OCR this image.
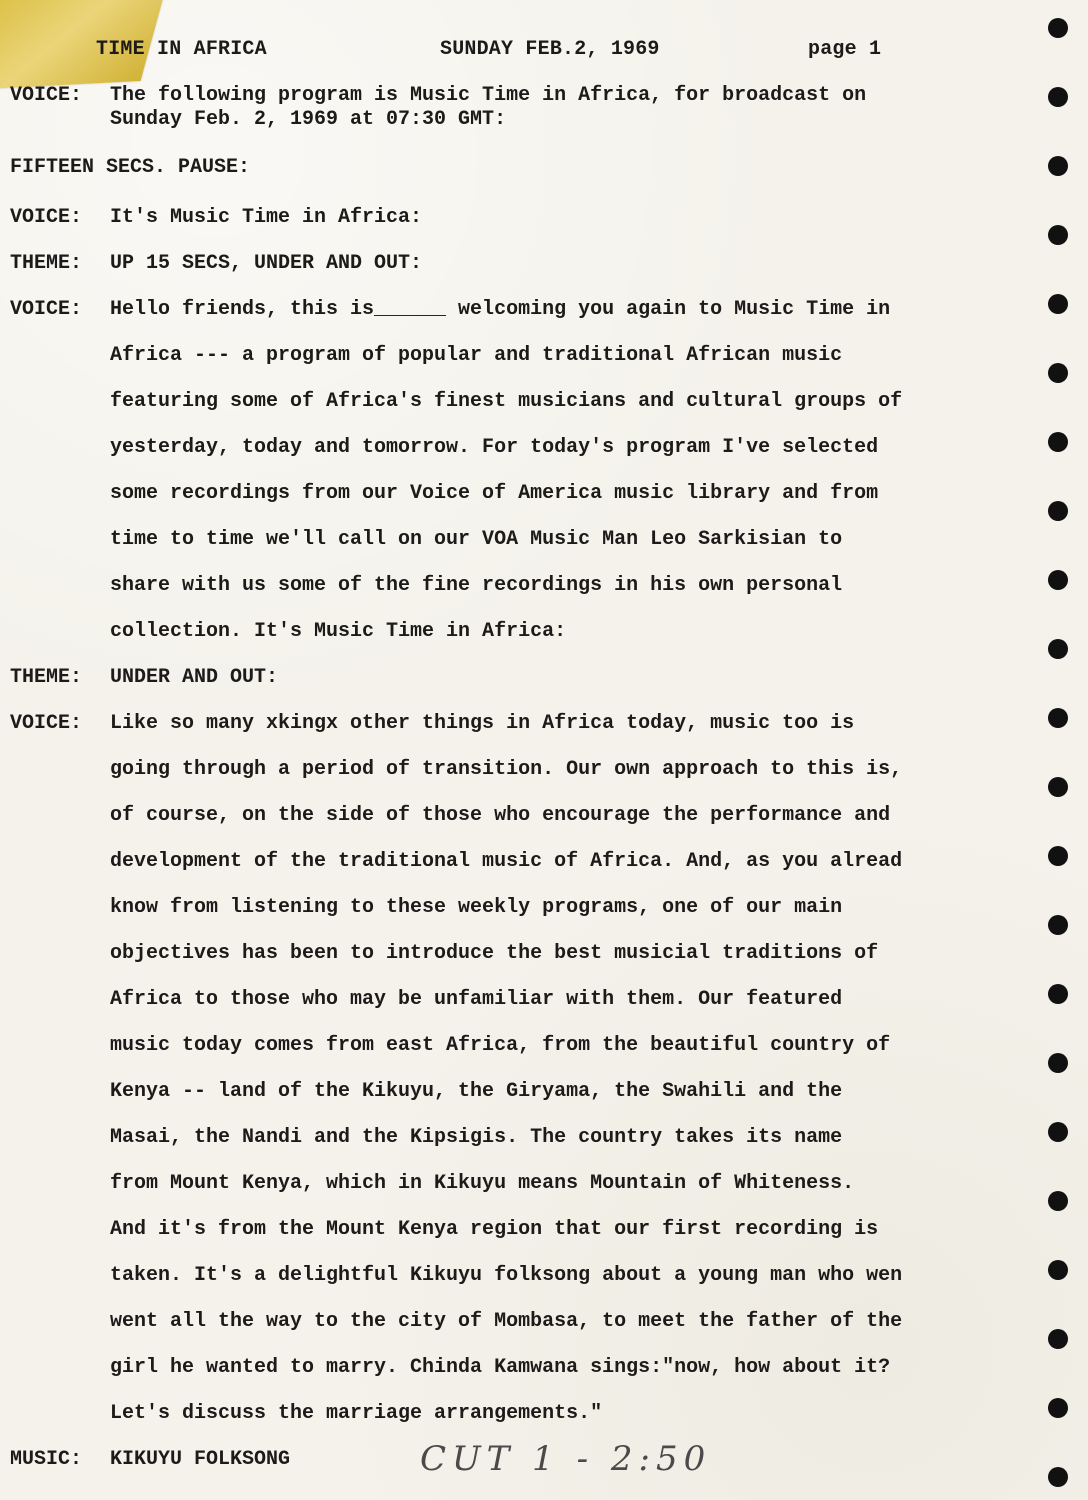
TIME IN AFRICA	SUNDAY FEB.2, 1969	page 1
VOICE:	The following program is Music Time in Africa, for broadcast on
Sunday Feb. 2, 1969 at 07:30 GMT:
FIFTEEN SECS. PAUSE:
VOICE:	It's Music Time in Africa:
THEME:	UP 15 SECS, UNDER AND OUT:
VOICE:	Hello friends, this is______ welcoming you again to Music Time in
Africa --- a program of popular and traditional African music
featuring some of Africa's finest musicians and cultural groups of
yesterday, today and tomorrow. For today's program I've selected
some recordings from our Voice of America music library and from
time to time we'll call on our VOA Music Man Leo Sarkisian to
share with us some of the fine recordings in his own personal
collection. It's Music Time in Africa:
THEME:	UNDER AND OUT:
VOICE:	Like so many xkingx other things in Africa today, music too is
going through a period of transition. Our own approach to this is,
of course, on the side of those who encourage the performance and
development of the traditional music of Africa. And, as you alread
know from listening to these weekly programs, one of our main
objectives has been to introduce the best musicial traditions of
Africa to those who may be unfamiliar with them. Our featured
music today comes from east Africa, from the beautiful country of
Kenya -- land of the Kikuyu, the Giryama, the Swahili and the
Masai, the Nandi and the Kipsigis. The country takes its name
from Mount Kenya, which in Kikuyu means Mountain of Whiteness.
And it's from the Mount Kenya region that our first recording is
taken. It's a delightful Kikuyu folksong about a young man who wen
went all the way to the city of Mombasa, to meet the father of the
girl he wanted to marry. Chinda Kamwana sings:"now, how about it?
Let's discuss the marriage arrangements."
MUSIC:	KIKUYU FOLKSONG	CUT 1 - 2:50
